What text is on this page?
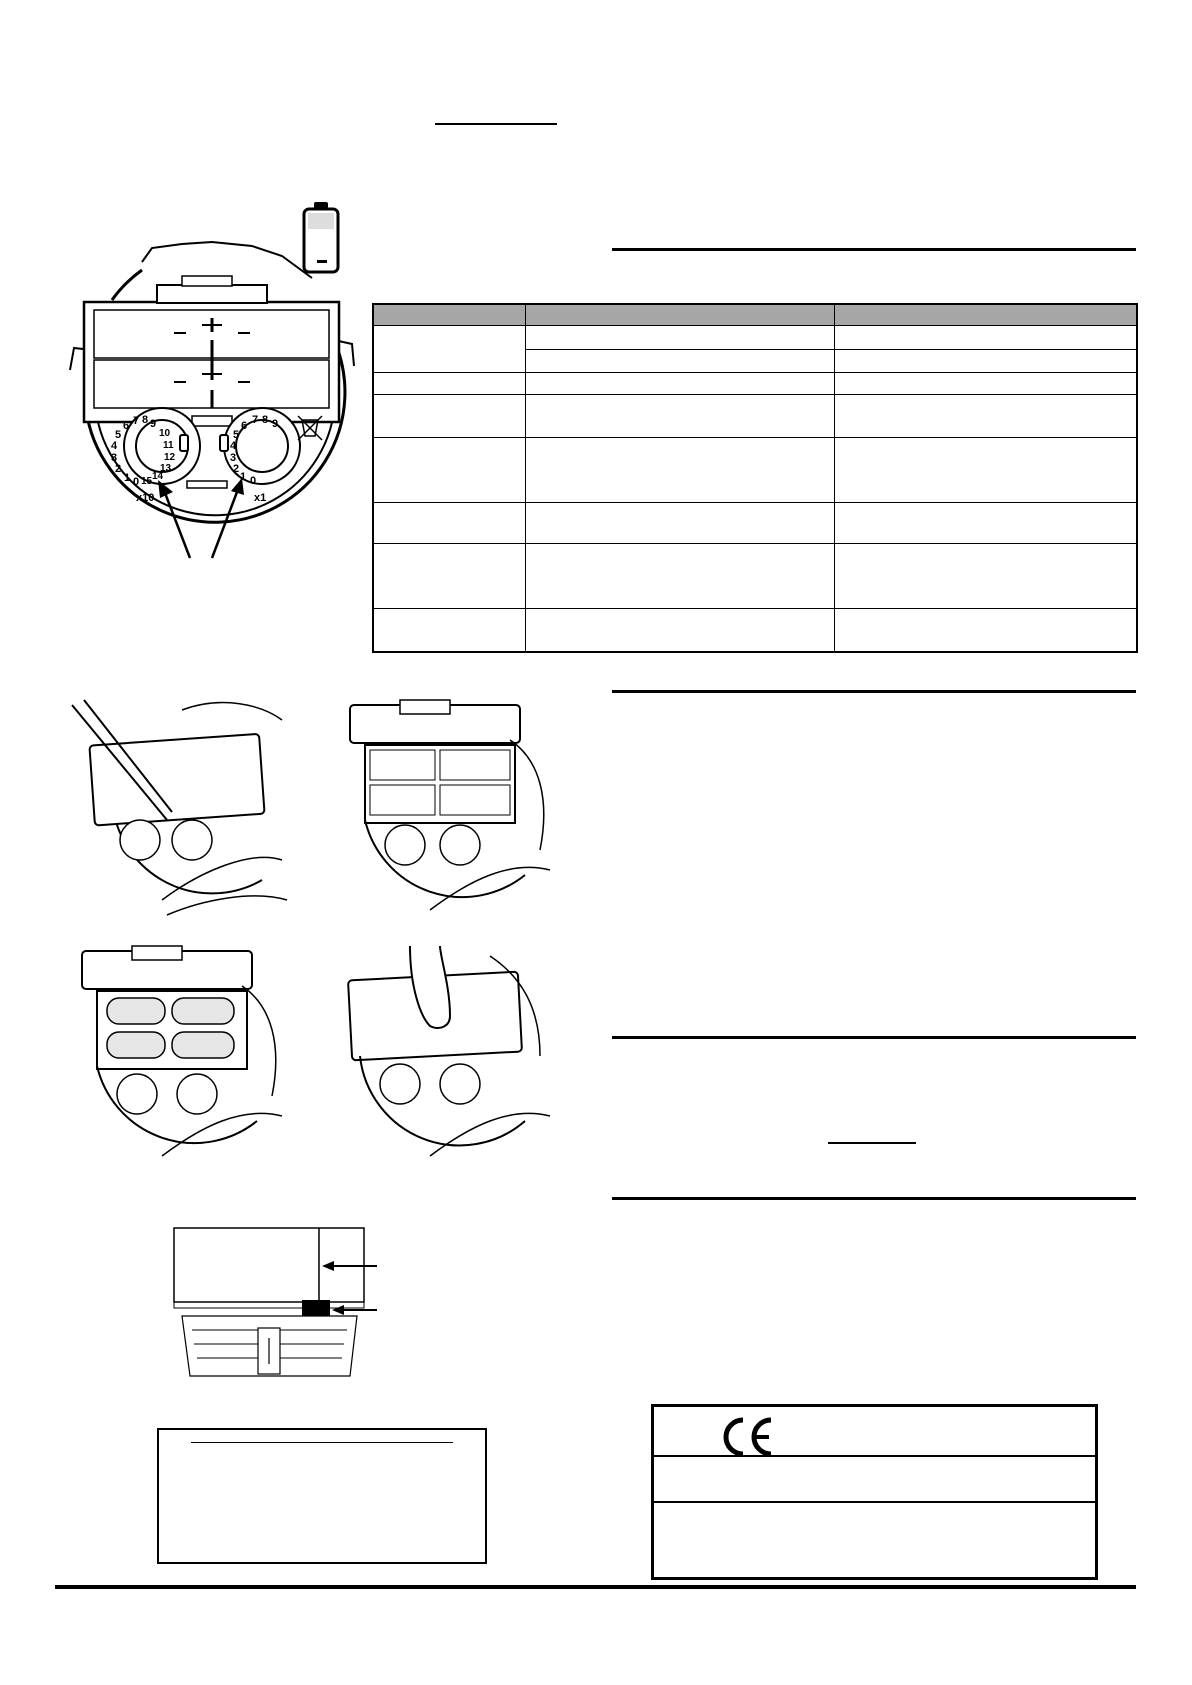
9
10
11
12
13
14
15
0
1
2
3
4
5
6 7 8
x10
9
8
7
6
5
4
3
2
1 0
x1
